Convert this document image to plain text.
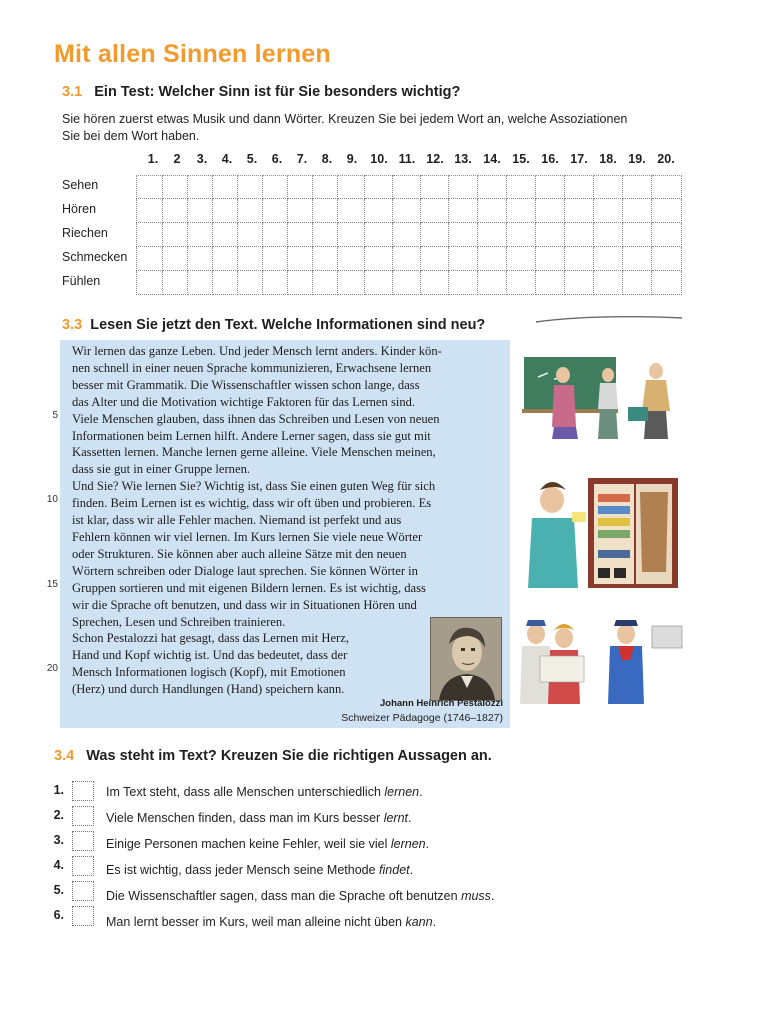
Mit allen Sinnen lernen
3.1 Ein Test: Welcher Sinn ist für Sie besonders wichtig?
Sie hören zuerst etwas Musik und dann Wörter. Kreuzen Sie bei jedem Wort an, welche Assoziationen
Sie bei dem Wort haben.
1.	2	3.	4.	5.	6.	7.	8.	9.	10. 11. 12. 13. 14. 15. 16. 17. 18. 19. 20.
Sehen
Hören
Riechen
Schmecken
Fühlen
3.3 Lesen Sie jetzt den Text. Welche Informationen sind neu?
Wir lernen das ganze Leben. Und jeder Mensch lernt anders. Kinder kön-
nen schnell in einer neuen Sprache kommunizieren, Erwachsene lernen
besser mit Grammatik. Die Wissenschaftler wissen schon lange, dass
das Alter und die Motivation wichtige Faktoren für das Lernen sind.
Viele Menschen glauben, dass ihnen das Schreiben und Lesen von neuen
Informationen beim Lernen hilft. Andere Lerner sagen, dass sie gut mit
Kassetten lernen. Manche lernen gerne alleine. Viele Menschen meinen,
dass sie gut in einer Gruppe lernen.
Und Sie? Wie lernen Sie? Wichtig ist, dass Sie einen guten Weg für sich
finden. Beim Lernen ist es wichtig, dass wir oft üben und probieren. Es
ist klar, dass wir alle Fehler machen. Niemand ist perfekt und aus
Fehlern können wir viel lernen. Im Kurs lernen Sie viele neue Wörter
oder Strukturen. Sie können aber auch alleine Sätze mit den neuen
Wörtern schreiben oder Dialoge laut sprechen. Sie können Wörter in
Gruppen sortieren und mit eigenen Bildern lernen. Es ist wichtig, dass
wir die Sprache oft benutzen, und dass wir in Situationen Hören und
Sprechen, Lesen und Schreiben trainieren.
Schon Pestalozzi hat gesagt, dass das Lernen mit Herz,
Hand und Kopf wichtig ist. Und das bedeutet, dass der
Mensch Informationen logisch (Kopf), mit Emotionen
(Herz) und durch Handlungen (Hand) speichern kann.
5
10
15
20
Johann Heinrich Pestalozzi
Schweizer Pädagoge (1746–1827)
3.4 Was steht im Text? Kreuzen Sie die richtigen Aussagen an.
1.	Im Text steht, dass alle Menschen unterschiedlich lernen.
2.	Viele Menschen finden, dass man im Kurs besser lernt.
3.	Einige Personen machen keine Fehler, weil sie viel lernen.
4.	Es ist wichtig, dass jeder Mensch seine Methode findet.
5.	Die Wissenschaftler sagen, dass man die Sprache oft benutzen muss.
6.	Man lernt besser im Kurs, weil man alleine nicht üben kann.
